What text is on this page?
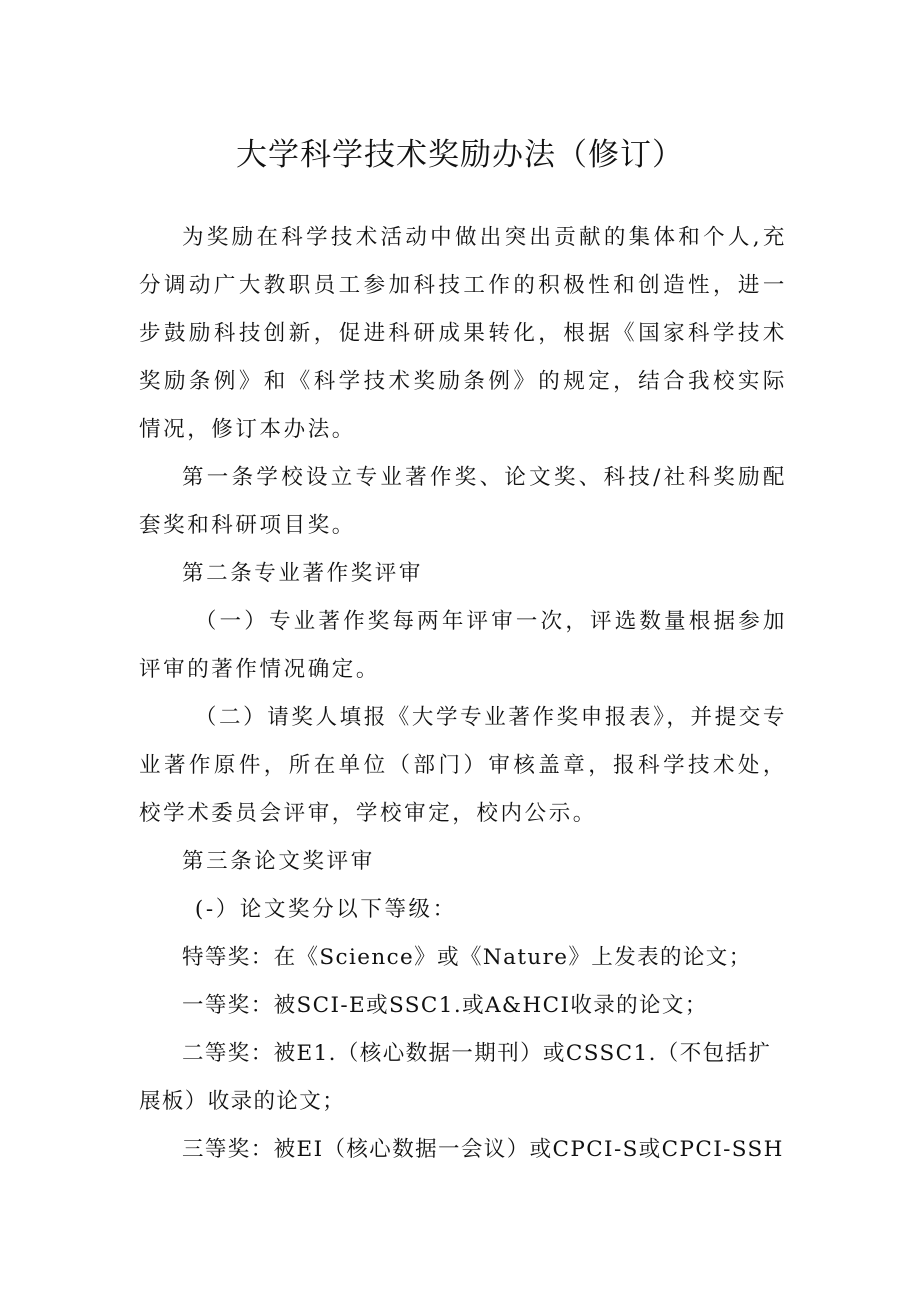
大学科学技术奖励办法（修订）

为奖励在科学技术活动中做出突出贡献的集体和个人,充分调动广大教职员工参加科技工作的积极性和创造性，进一步鼓励科技创新，促进科研成果转化，根据《国家科学技术奖励条例》和《科学技术奖励条例》的规定，结合我校实际情况，修订本办法。

第一条学校设立专业著作奖、论文奖、科技/社科奖励配套奖和科研项目奖。

第二条专业著作奖评审

（一）专业著作奖每两年评审一次，评选数量根据参加评审的著作情况确定。

（二）请奖人填报《大学专业著作奖申报表》，并提交专业著作原件，所在单位（部门）审核盖章，报科学技术处，校学术委员会评审，学校审定，校内公示。

第三条论文奖评审

(-）论文奖分以下等级：

特等奖：在《Science》或《Nature》上发表的论文；

一等奖：被SCI-E或SSC1.或A&HCI收录的论文；

二等奖：被E1.（核心数据一期刊）或CSSC1.（不包括扩展板）收录的论文；

三等奖：被EI（核心数据一会议）或CPCI-S或CPCI-SSH
